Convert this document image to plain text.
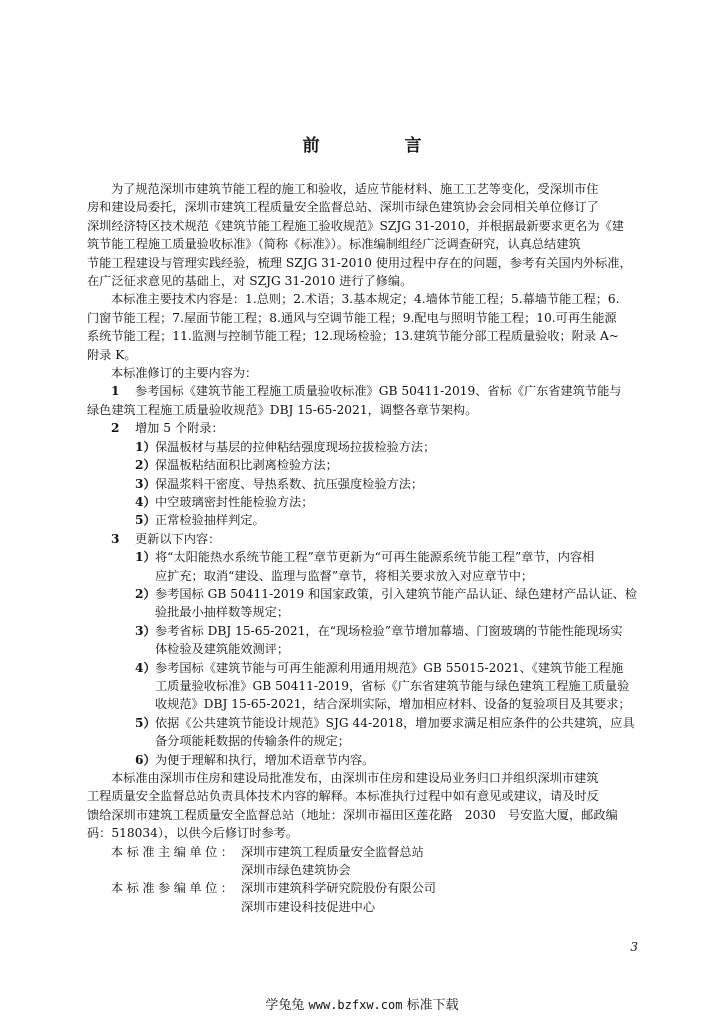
前　言

为了规范深圳市建筑节能工程的施工和验收，适应节能材料、施工工艺等变化，受深圳市住
房和建设局委托，深圳市建筑工程质量安全监督总站、深圳市绿色建筑协会会同相关单位修订了
深圳经济特区技术规范《建筑节能工程施工验收规范》SZJG 31-2010，并根据最新要求更名为《建
筑节能工程施工质量验收标准》（简称《标准》）。标准编制组经广泛调查研究，认真总结建筑
节能工程建设与管理实践经验，梳理 SZJG 31-2010 使用过程中存在的问题，参考有关国内外标准，
在广泛征求意见的基础上，对 SZJG 31-2010 进行了修编。

本标准主要技术内容是：1.总则；2.术语；3.基本规定；4.墙体节能工程；5.幕墙节能工程；6.
门窗节能工程；7.屋面节能工程；8.通风与空调节能工程；9.配电与照明节能工程；10.可再生能源
系统节能工程；11.监测与控制节能工程；12.现场检验；13.建筑节能分部工程质量验收；附录 A~
附录 K。

本标准修订的主要内容为：

1 参考国标《建筑节能工程施工质量验收标准》GB 50411-2019、省标《广东省建筑节能与
绿色建筑工程施工质量验收规范》DBJ 15-65-2021，调整各章节架构。
2 增加 5 个附录：
1）保温板材与基层的拉伸粘结强度现场拉拔检验方法；
2）保温板粘结面积比剥离检验方法；
3）保温浆料干密度、导热系数、抗压强度检验方法；
4）中空玻璃密封性能检验方法；
5）正常检验抽样判定。
3 更新以下内容：
1）将“太阳能热水系统节能工程”章节更新为“可再生能源系统节能工程”章节，内容相
应扩充；取消“建设、监理与监督”章节，将相关要求放入对应章节中；
2）参考国标 GB 50411-2019 和国家政策，引入建筑节能产品认证、绿色建材产品认证、检
验批最小抽样数等规定；
3）参考省标 DBJ 15-65-2021，在“现场检验”章节增加幕墙、门窗玻璃的节能性能现场实
体检验及建筑能效测评；
4）参考国标《建筑节能与可再生能源利用通用规范》GB 55015-2021、《建筑节能工程施
工质量验收标准》GB 50411-2019，省标《广东省建筑节能与绿色建筑工程施工质量验
收规范》DBJ 15-65-2021，结合深圳实际，增加相应材料、设备的复验项目及其要求；
5）依据《公共建筑节能设计规范》SJG 44-2018，增加要求满足相应条件的公共建筑，应具
备分项能耗数据的传输条件的规定；
6）为便于理解和执行，增加术语章节内容。

本标准由深圳市住房和建设局批准发布，由深圳市住房和建设局业务归口并组织深圳市建筑
工程质量安全监督总站负责具体技术内容的解释。本标准执行过程中如有意见或建议，请及时反
馈给深圳市建筑工程质量安全监督总站（地址：深圳市福田区莲花路　2030　号安监大厦，邮政编
码：518034），以供今后修订时参考。

本标准主编单位： 深圳市建筑工程质量安全监督总站
深圳市绿色建筑协会
本标准参编单位： 深圳市建筑科学研究院股份有限公司
深圳市建设科技促进中心
3
学兔兔 www.bzfxw.com 标准下载
